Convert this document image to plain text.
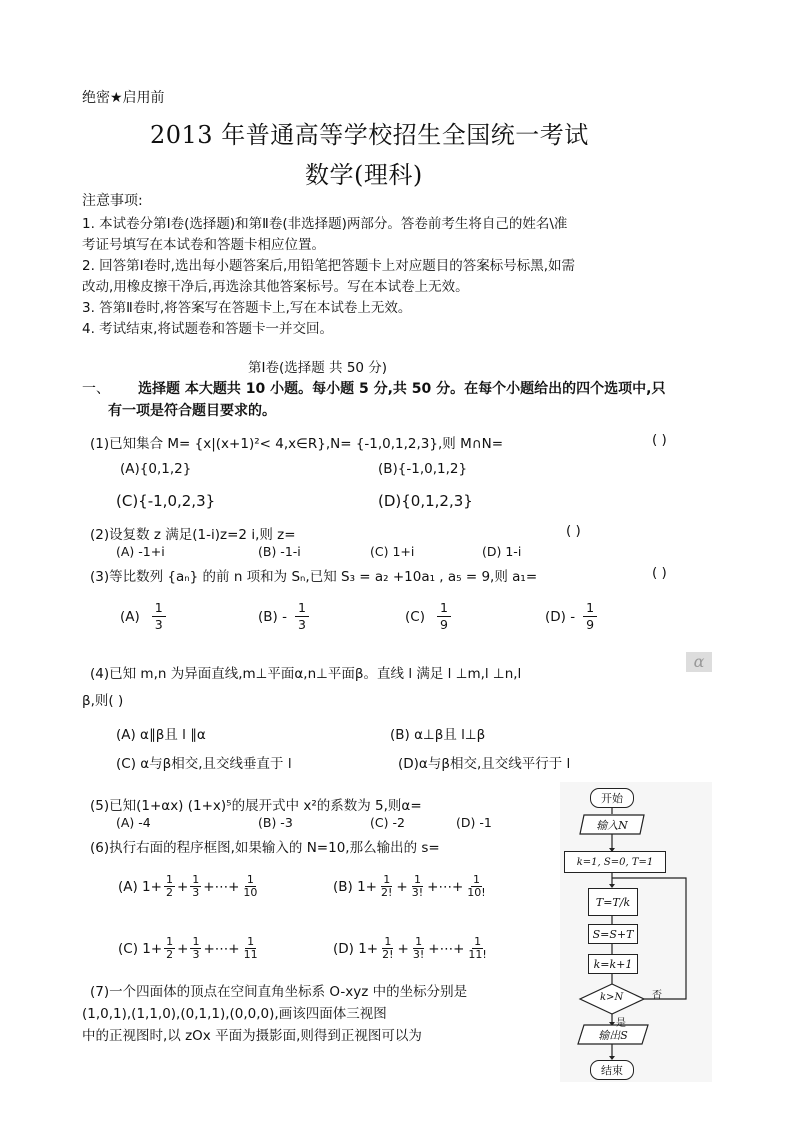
绝密★启用前
2013 年普通高等学校招生全国统一考试
数学(理科)
注意事项:
1. 本试卷分第Ⅰ卷(选择题)和第Ⅱ卷(非选择题)两部分。答卷前考生将自己的姓名\准
考证号填写在本试卷和答题卡相应位置。
2. 回答第Ⅰ卷时,选出每小题答案后,用铅笔把答题卡上对应题目的答案标号标黑,如需
改动,用橡皮擦干净后,再选涂其他答案标号。写在本试卷上无效。
3. 答第Ⅱ卷时,将答案写在答题卡上,写在本试卷上无效。
4. 考试结束,将试题卷和答题卡一并交回。
第Ⅰ卷(选择题 共 50 分)
一、 选择题 本大题共 10 小题。每小题 5 分,共 50 分。在每个小题给出的四个选项中,只
有一项是符合题目要求的。
(1)已知集合 M= {x|(x+1)²< 4,x∈R},N= {-1,0,1,2,3},则 M∩N=	( )
(A){0,1,2}	(B){-1,0,1,2}
(C){-1,0,2,3}	(D){0,1,2,3}
(2)设复数 z 满足(1-i)z=2 i,则 z=	( )
(A) -1+i	(B) -1-i	(C) 1+i	(D) 1-i
(3)等比数列 {aₙ} 的前 n 项和为 Sₙ,已知 S₃ = a₂ +10a₁ , a₅ = 9,则 a₁=	( )
$(A) \frac{1}{3}$	$(B) - \frac{1}{3}$	$(C) \frac{1}{9}$	$(D) - \frac{1}{9}$
(4)已知 m,n 为异面直线,m⊥平面α,n⊥平面β。直线 l 满足 l ⊥m,l ⊥n,l
α
β,则( )
(A) α∥β且 l ∥α	(B) α⊥β且 l⊥β
(C) α与β相交,且交线垂直于 l	(D)α与β相交,且交线平行于 l
(5)已知(1+αx) (1+x)⁵的展开式中 x²的系数为 5,则α=
(A) -4	(B) -3	(C) -2	(D) -1
(6)执行右面的程序框图,如果输入的 N=10,那么输出的 s=
(A) $1+ \frac{1}{2} + \frac{1}{3}$ +⋯+ $\frac{1}{10}$	(B) $1+ \frac{1}{2!} + \frac{1}{3!}$ +⋯+ $\frac{1}{10!}$
(C) $1+ \frac{1}{2} + \frac{1}{3}$ +⋯+ $\frac{1}{11}$	(D) $1+ \frac{1}{2!} + \frac{1}{3!}$ +⋯+ $\frac{1}{11!}$
(7)一个四面体的顶点在空间直角坐标系 O-xyz 中的坐标分别是
(1,0,1),(1,1,0),(0,1,1),(0,0,0),画该四面体三视图
中的正视图时,以 zOx 平面为摄影面,则得到正视图可以为
开始
输入N
k=1, S=0, T=1
T=T/k
S=S+T
k=k+1
k>N	否
是
输出S
结束
